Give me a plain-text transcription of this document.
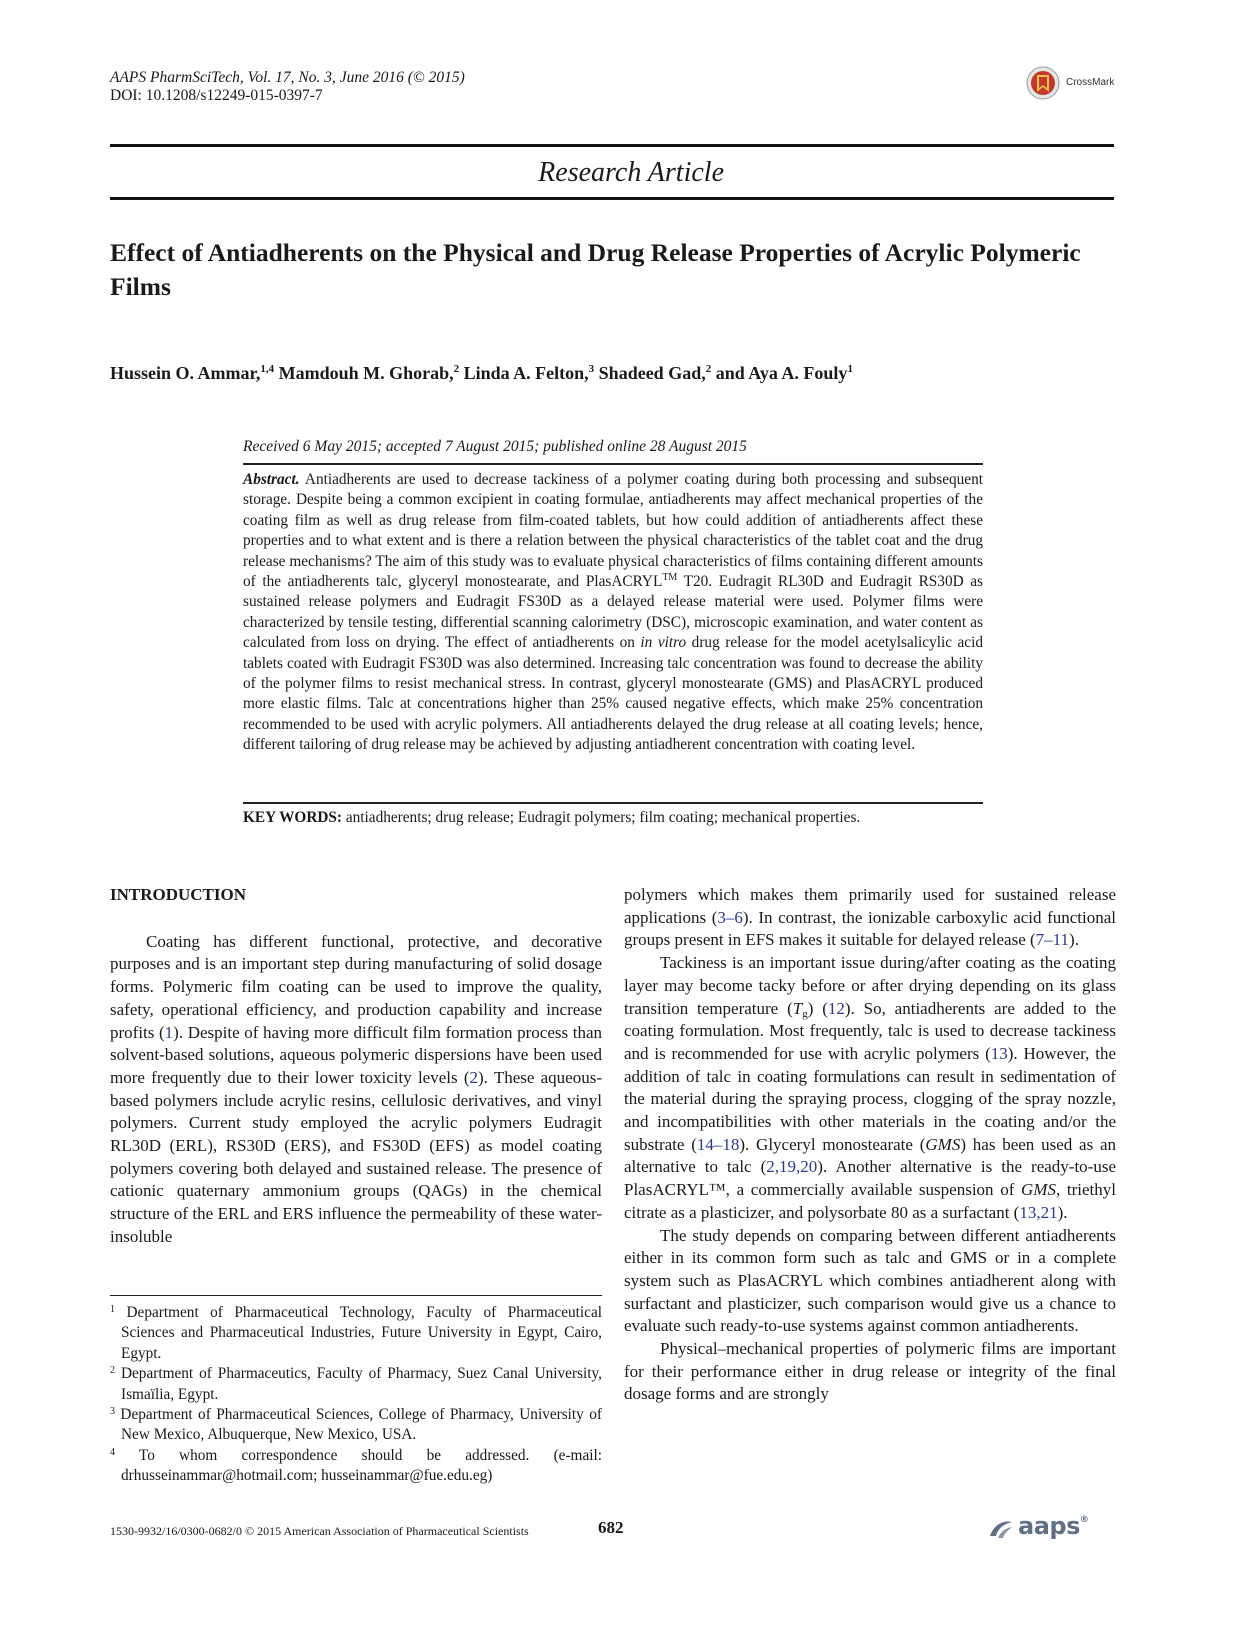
AAPS PharmSciTech, Vol. 17, No. 3, June 2016 (© 2015)
DOI: 10.1208/s12249-015-0397-7
CrossMark
Research Article
Effect of Antiadherents on the Physical and Drug Release Properties of Acrylic Polymeric Films
Hussein O. Ammar,$^{1,4}$ Mamdouh M. Ghorab,$^2$ Linda A. Felton,$^3$ Shadeed Gad,$^2$ and Aya A. Fouly$^1$
Received 6 May 2015; accepted 7 August 2015; published online 28 August 2015
Abstract. Antiadherents are used to decrease tackiness of a polymer coating during both processing and subsequent storage. Despite being a common excipient in coating formulae, antiadherents may affect mechanical properties of the coating film as well as drug release from film-coated tablets, but how could addition of antiadherents affect these properties and to what extent and is there a relation between the physical characteristics of the tablet coat and the drug release mechanisms? The aim of this study was to evaluate physical characteristics of films containing different amounts of the antiadherents talc, glyceryl monostearate, and PlasACRYL™ T20. Eudragit RL30D and Eudragit RS30D as sustained release polymers and Eudragit FS30D as a delayed release material were used. Polymer films were characterized by tensile testing, differential scanning calorimetry (DSC), microscopic examination, and water content as calculated from loss on drying. The effect of antiadherents on in vitro drug release for the model acetylsalicylic acid tablets coated with Eudragit FS30D was also determined. Increasing talc concentration was found to decrease the ability of the polymer films to resist mechanical stress. In contrast, glyceryl monostearate (GMS) and PlasACRYL produced more elastic films. Talc at concentrations higher than 25% caused negative effects, which make 25% concentration recommended to be used with acrylic polymers. All antiadherents delayed the drug release at all coating levels; hence, different tailoring of drug release may be achieved by adjusting antiadherent concentration with coating level.
KEY WORDS: antiadherents; drug release; Eudragit polymers; film coating; mechanical properties.

INTRODUCTION

Coating has different functional, protective, and decorative purposes and is an important step during manufacturing of solid dosage forms. Polymeric film coating can be used to improve the quality, safety, operational efficiency, and production capability and increase profits (1). Despite of having more difficult film formation process than solvent-based solutions, aqueous polymeric dispersions have been used more frequently due to their lower toxicity levels (2). These aqueous-based polymers include acrylic resins, cellulosic derivatives, and vinyl polymers. Current study employed the acrylic polymers Eudragit RL30D (ERL), RS30D (ERS), and FS30D (EFS) as model coating polymers covering both delayed and sustained release. The presence of cationic quaternary ammonium groups (QAGs) in the chemical structure of the ERL and ERS influence the permeability of these water-insoluble

$^1$ Department of Pharmaceutical Technology, Faculty of Pharmaceutical Sciences and Pharmaceutical Industries, Future University in Egypt, Cairo, Egypt.

$^2$ Department of Pharmaceutics, Faculty of Pharmacy, Suez Canal University, Ismaïlia, Egypt.

$^3$ Department of Pharmaceutical Sciences, College of Pharmacy, University of New Mexico, Albuquerque, New Mexico, USA.

$^4$ To whom correspondence should be addressed. (e-mail: drhusseinammar@hotmail.com; husseinammar@fue.edu.eg)

polymers which makes them primarily used for sustained release applications (3–6). In contrast, the ionizable carboxylic acid functional groups present in EFS makes it suitable for delayed release (7–11).

Tackiness is an important issue during/after coating as the coating layer may become tacky before or after drying depending on its glass transition temperature $(T_g)$ (12). So, antiadherents are added to the coating formulation. Most frequently, talc is used to decrease tackiness and is recommended for use with acrylic polymers (13). However, the addition of talc in coating formulations can result in sedimentation of the material during the spraying process, clogging of the spray nozzle, and incompatibilities with other materials in the coating and/or the substrate (14–18). Glyceryl monostearate (GMS) has been used as an alternative to talc (2,19,20). Another alternative is the ready-to-use PlasACRYL™, a commercially available suspension of GMS, triethyl citrate as a plasticizer, and polysorbate 80 as a surfactant (13,21).

The study depends on comparing between different antiadherents either in its common form such as talc and GMS or in a complete system such as PlasACRYL which combines antiadherent along with surfactant and plasticizer, such comparison would give us a chance to evaluate such ready-to-use systems against common antiadherents.

Physical–mechanical properties of polymeric films are important for their performance either in drug release or integrity of the final dosage forms and are strongly

1530-9932/16/0300-0682/0 © 2015 American Association of Pharmaceutical Scientists	682	aaps®
